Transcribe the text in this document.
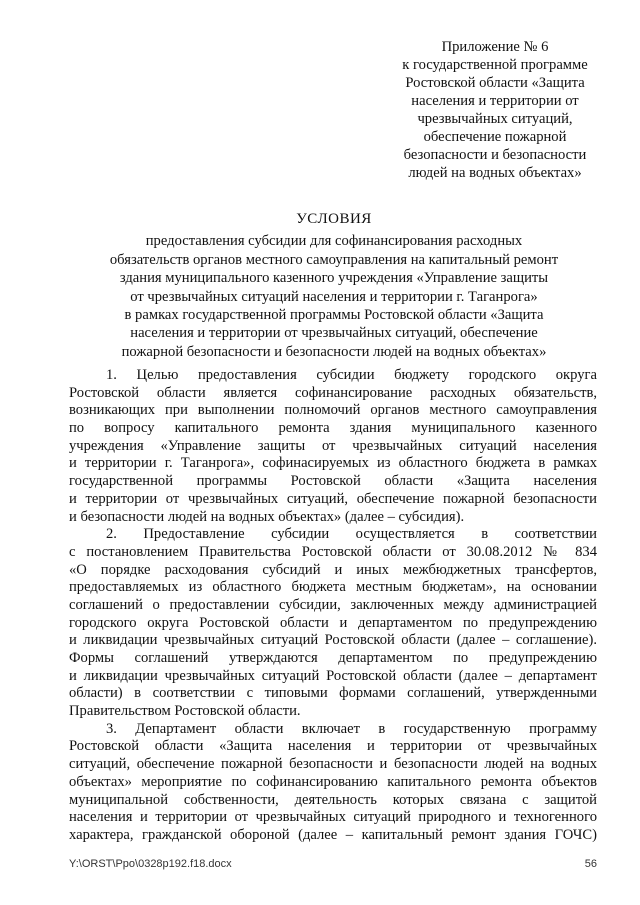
Приложение № 6
к государственной программе
Ростовской области «Защита
населения и территории от
чрезвычайных ситуаций,
обеспечение пожарной
безопасности и безопасности
людей на водных объектах»
УСЛОВИЯ
предоставления субсидии для софинансирования расходных
обязательств органов местного самоуправления на капитальный ремонт
здания муниципального казенного учреждения «Управление защиты
от чрезвычайных ситуаций населения и территории г. Таганрога»
в рамках государственной программы Ростовской области «Защита
населения и территории от чрезвычайных ситуаций, обеспечение
пожарной безопасности и безопасности людей на водных объектах»

1. Целью предоставления субсидии бюджету городского округа
Ростовской области является софинансирование расходных обязательств,
возникающих при выполнении полномочий органов местного самоуправления
по вопросу капитального ремонта здания муниципального казенного
учреждения «Управление защиты от чрезвычайных ситуаций населения
и территории г. Таганрога», софинасируемых из областного бюджета в рамках
государственной программы Ростовской области «Защита населения
и территории от чрезвычайных ситуаций, обеспечение пожарной безопасности
и безопасности людей на водных объектах» (далее – субсидия).

2. Предоставление субсидии осуществляется в соответствии
с постановлением Правительства Ростовской области от 30.08.2012 № 834
«О порядке расходования субсидий и иных межбюджетных трансфертов,
предоставляемых из областного бюджета местным бюджетам», на основании
соглашений о предоставлении субсидии, заключенных между администрацией
городского округа Ростовской области и департаментом по предупреждению
и ликвидации чрезвычайных ситуаций Ростовской области (далее – соглашение).
Формы соглашений утверждаются департаментом по предупреждению
и ликвидации чрезвычайных ситуаций Ростовской области (далее – департамент
области) в соответствии с типовыми формами соглашений, утвержденными
Правительством Ростовской области.

3. Департамент области включает в государственную программу
Ростовской области «Защита населения и территории от чрезвычайных
ситуаций, обеспечение пожарной безопасности и безопасности людей на водных
объектах» мероприятие по софинансированию капитального ремонта объектов
муниципальной собственности, деятельность которых связана с защитой
населения и территории от чрезвычайных ситуаций природного и техногенного
характера, гражданской обороной (далее – капитальный ремонт здания ГОЧС)

Y:\ORST\Ppo\0328p192.f18.docx	56
